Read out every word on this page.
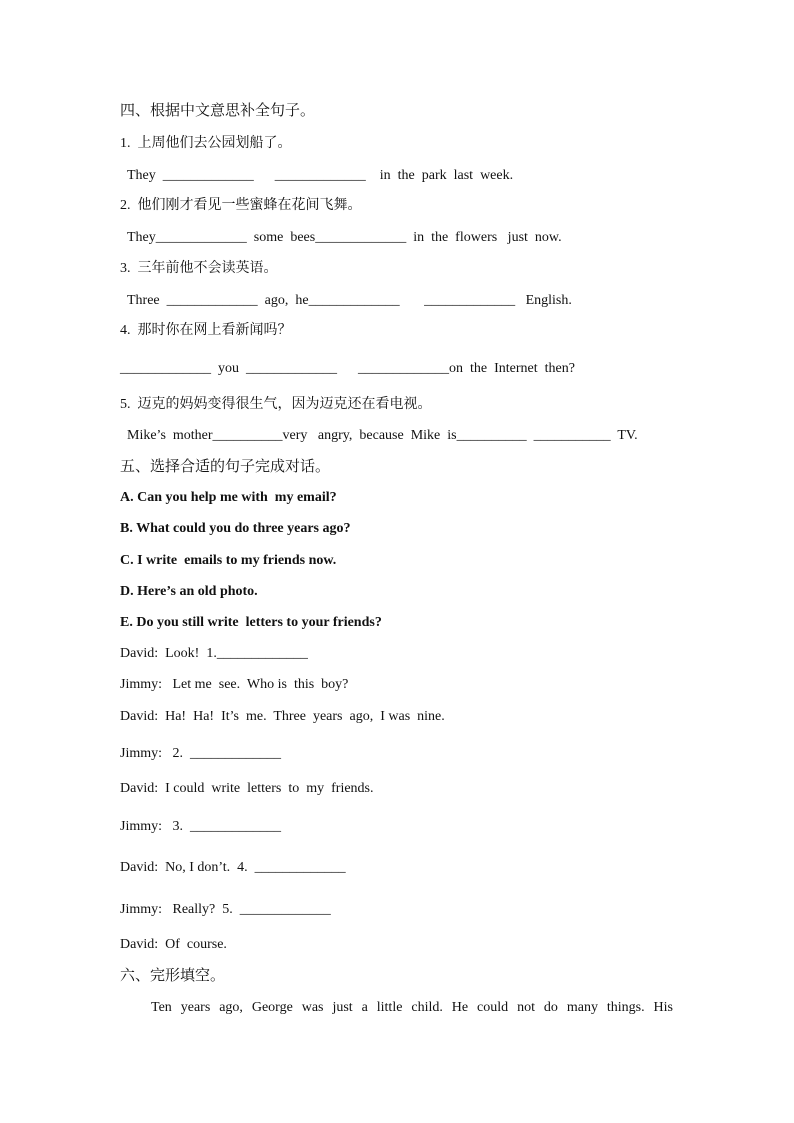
四、根据中文意思补全句子。
1.  上周他们去公园划船了。
They  _____________      _____________    in  the  park  last  week.
2.  他们刚才看见一些蜜蜂在花间飞舞。
They_____________  some  bees_____________  in  the  flowers   just  now.
3.  三年前他不会读英语。
Three  _____________  ago,  he_____________       _____________   English.
4.  那时你在网上看新闻吗？
_____________  you  _____________      _____________on  the  Internet  then?
5.  迈克的妈妈变得很生气，因为迈克还在看电视。
Mike’s  mother__________very   angry,  because  Mike  is__________  ___________  TV.
五、选择合适的句子完成对话。
A. Can you help me with  my email?
B. What could you do three years ago?
C. I write  emails to my friends now.
D. Here’s an old photo.
E. Do you still write  letters to your friends?
David:  Look!  1._____________
Jimmy:   Let me  see.  Who is  this  boy?
David:  Ha!  Ha!  It’s  me.  Three  years  ago,  I was  nine.
Jimmy:   2.  _____________
David:  I could  write  letters  to  my  friends.
Jimmy:   3.  _____________
David:  No, I don’t.  4.  _____________
Jimmy:   Really?  5.  _____________
David:  Of  course.
六、完形填空。
Ten years ago, George was just a little child. He could not do many things. His
